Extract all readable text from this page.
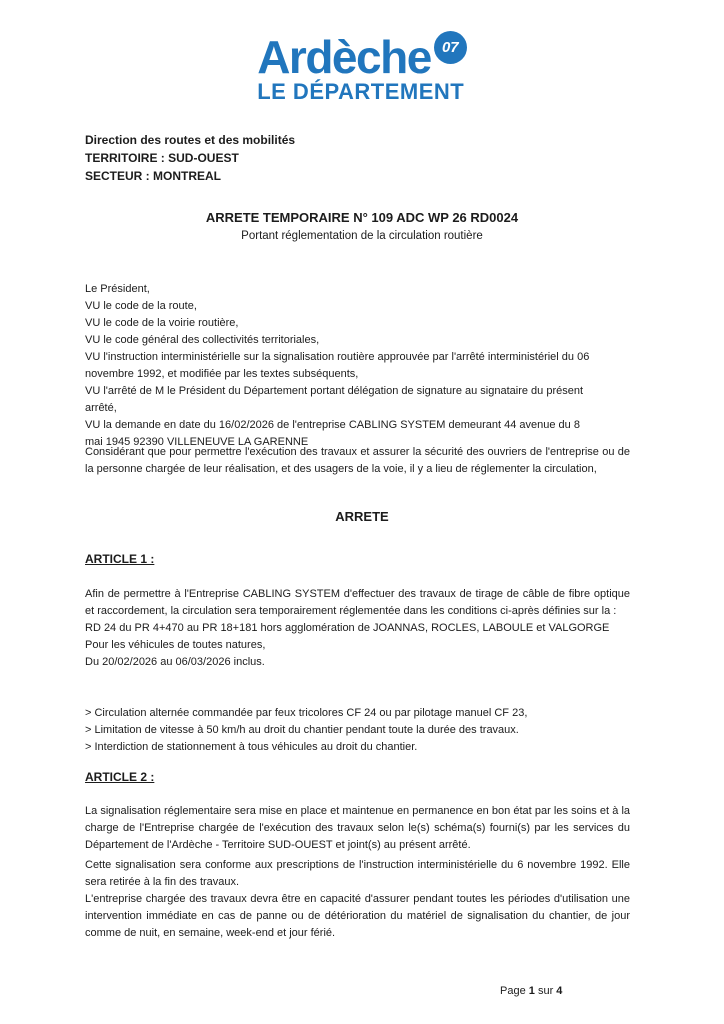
Ardèche 07
LE DÉPARTEMENT
Direction des routes et des mobilités
TERRITOIRE : SUD-OUEST
SECTEUR : MONTREAL
ARRETE TEMPORAIRE N° 109 ADC WP 26 RD0024
Portant réglementation de la circulation routière
Le Président,
VU le code de la route,
VU le code de la voirie routière,
VU le code général des collectivités territoriales,
VU l'instruction interministérielle sur la signalisation routière approuvée par l'arrêté interministériel du 06
novembre 1992, et modifiée par les textes subséquents,
VU l'arrêté de M le Président du Département portant délégation de signature au signataire du présent
arrêté,
VU la demande en date du 16/02/2026 de l'entreprise CABLING SYSTEM demeurant 44 avenue du 8
mai 1945 92390 VILLENEUVE LA GARENNE

Considérant que pour permettre l'exécution des travaux et assurer la sécurité des ouvriers de l'entreprise ou de la personne chargée de leur réalisation, et des usagers de la voie, il y a lieu de réglementer la circulation,

ARRETE
ARTICLE 1 :

Afin de permettre à l'Entreprise CABLING SYSTEM d'effectuer des travaux de tirage de câble de fibre optique et raccordement, la circulation sera temporairement réglementée dans les conditions ci-après définies sur la :

RD 24 du PR 4+470 au PR 18+181 hors agglomération de JOANNAS, ROCLES, LABOULE et VALGORGE

Pour les véhicules de toutes natures,
Du 20/02/2026 au 06/03/2026 inclus.
> Circulation alternée commandée par feux tricolores CF 24 ou par pilotage manuel CF 23,
> Limitation de vitesse à 50 km/h au droit du chantier pendant toute la durée des travaux.
> Interdiction de stationnement à tous véhicules au droit du chantier.
ARTICLE 2 :

La signalisation réglementaire sera mise en place et maintenue en permanence en bon état par les soins et à la charge de l'Entreprise chargée de l'exécution des travaux selon le(s) schéma(s) fourni(s) par les services du Département de l'Ardèche - Territoire SUD-OUEST et joint(s) au présent arrêté.

Cette signalisation sera conforme aux prescriptions de l'instruction interministérielle du 6 novembre 1992. Elle sera retirée à la fin des travaux.

L'entreprise chargée des travaux devra être en capacité d'assurer pendant toutes les périodes d'utilisation une intervention immédiate en cas de panne ou de détérioration du matériel de signalisation du chantier, de jour comme de nuit, en semaine, week-end et jour férié.

Page 1 sur 4
